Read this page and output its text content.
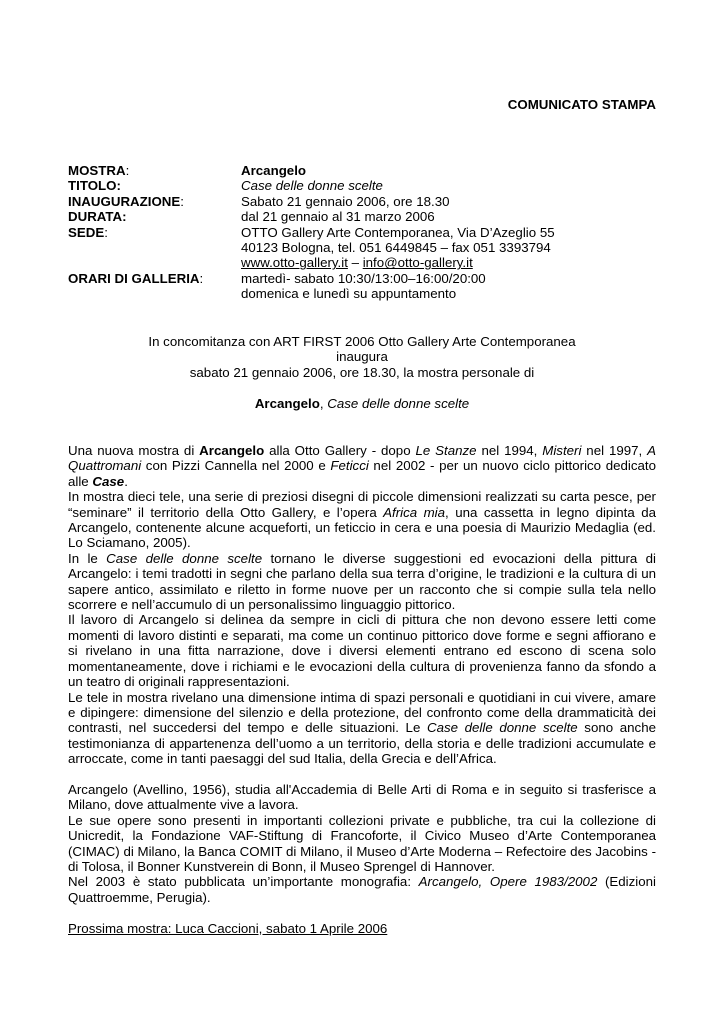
COMUNICATO STAMPA
MOSTRA:	Arcangelo
TITOLO:	Case delle donne scelte
INAUGURAZIONE:	Sabato 21 gennaio 2006, ore 18.30
DURATA:	dal 21 gennaio al 31 marzo 2006
SEDE:	OTTO Gallery Arte Contemporanea, Via D’Azeglio 55
40123 Bologna, tel. 051 6449845 – fax 051 3393794
www.otto-gallery.it – info@otto-gallery.it
ORARI DI GALLERIA:	martedì- sabato 10:30/13:00–16:00/20:00
domenica e lunedì su appuntamento
In concomitanza con ART FIRST 2006 Otto Gallery Arte Contemporanea
inaugura
sabato 21 gennaio 2006, ore 18.30, la mostra personale di
Arcangelo, Case delle donne scelte

Una nuova mostra di Arcangelo alla Otto Gallery - dopo Le Stanze nel 1994, Misteri nel 1997, A Quattromani con Pizzi Cannella nel 2000 e Feticci nel 2002 - per un nuovo ciclo pittorico dedicato alle Case.

In mostra dieci tele, una serie di preziosi disegni di piccole dimensioni realizzati su carta pesce, per “seminare” il territorio della Otto Gallery, e l’opera Africa mia, una cassetta in legno dipinta da Arcangelo, contenente alcune acqueforti, un feticcio in cera e una poesia di Maurizio Medaglia (ed. Lo Sciamano, 2005).

In le Case delle donne scelte tornano le diverse suggestioni ed evocazioni della pittura di Arcangelo: i temi tradotti in segni che parlano della sua terra d’origine, le tradizioni e la cultura di un sapere antico, assimilato e riletto in forme nuove per un racconto che si compie sulla tela nello scorrere e nell’accumulo di un personalissimo linguaggio pittorico.

Il lavoro di Arcangelo si delinea da sempre in cicli di pittura che non devono essere letti come momenti di lavoro distinti e separati, ma come un continuo pittorico dove forme e segni affiorano e si rivelano in una fitta narrazione, dove i diversi elementi entrano ed escono di scena solo momentaneamente, dove i richiami e le evocazioni della cultura di provenienza fanno da sfondo a un teatro di originali rappresentazioni.

Le tele in mostra rivelano una dimensione intima di spazi personali e quotidiani in cui vivere, amare e dipingere: dimensione del silenzio e della protezione, del confronto come della drammaticità dei contrasti, nel succedersi del tempo e delle situazioni. Le Case delle donne scelte sono anche testimonianza di appartenenza dell’uomo a un territorio, della storia e delle tradizioni accumulate e arroccate, come in tanti paesaggi del sud Italia, della Grecia e dell’Africa.

Arcangelo (Avellino, 1956), studia all'Accademia di Belle Arti di Roma e in seguito si trasferisce a Milano, dove attualmente vive a lavora.

Le sue opere sono presenti in importanti collezioni private e pubbliche, tra cui la collezione di Unicredit, la Fondazione VAF-Stiftung di Francoforte, il Civico Museo d’Arte Contemporanea (CIMAC) di Milano, la Banca COMIT di Milano, il Museo d’Arte Moderna – Refectoire des Jacobins - di Tolosa, il Bonner Kunstverein di Bonn, il Museo Sprengel di Hannover.

Nel 2003 è stato pubblicata un’importante monografia: Arcangelo, Opere 1983/2002 (Edizioni Quattroemme, Perugia).

Prossima mostra: Luca Caccioni, sabato 1 Aprile 2006
